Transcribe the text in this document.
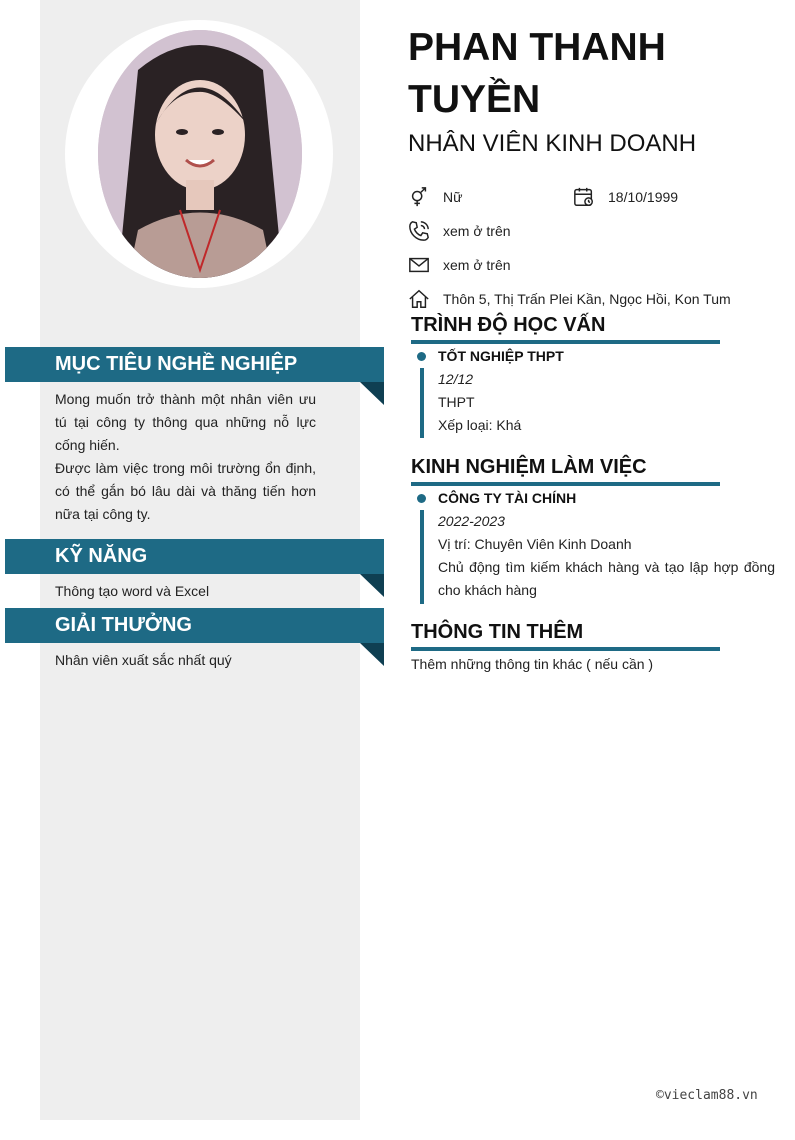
MỤC TIÊU NGHỀ NGHIỆP
Mong muốn trở thành một nhân viên ưu tú tại công ty thông qua những nỗ lực cống hiến.
Được làm việc trong môi trường ổn định, có thể gắn bó lâu dài và thăng tiến hơn nữa tại công ty.
KỸ NĂNG
Thông tạo word và Excel
GIẢI THƯỞNG
Nhân viên xuất sắc nhất quý
PHAN THANH TUYỀN
NHÂN VIÊN KINH DOANH
Nữ	18/10/1999
xem ở trên
xem ở trên
Thôn 5, Thị Trấn Plei Kần, Ngọc Hồi, Kon Tum
TRÌNH ĐỘ HỌC VẤN
TỐT NGHIỆP THPT
12/12
THPT
Xếp loại: Khá
KINH NGHIỆM LÀM VIỆC
CÔNG TY TÀI CHÍNH
2022-2023
Vị trí: Chuyên Viên Kinh Doanh
Chủ động tìm kiếm khách hàng và tạo lập hợp đồng cho khách hàng
THÔNG TIN THÊM
Thêm những thông tin khác ( nếu cần )
©vieclam88.vn
